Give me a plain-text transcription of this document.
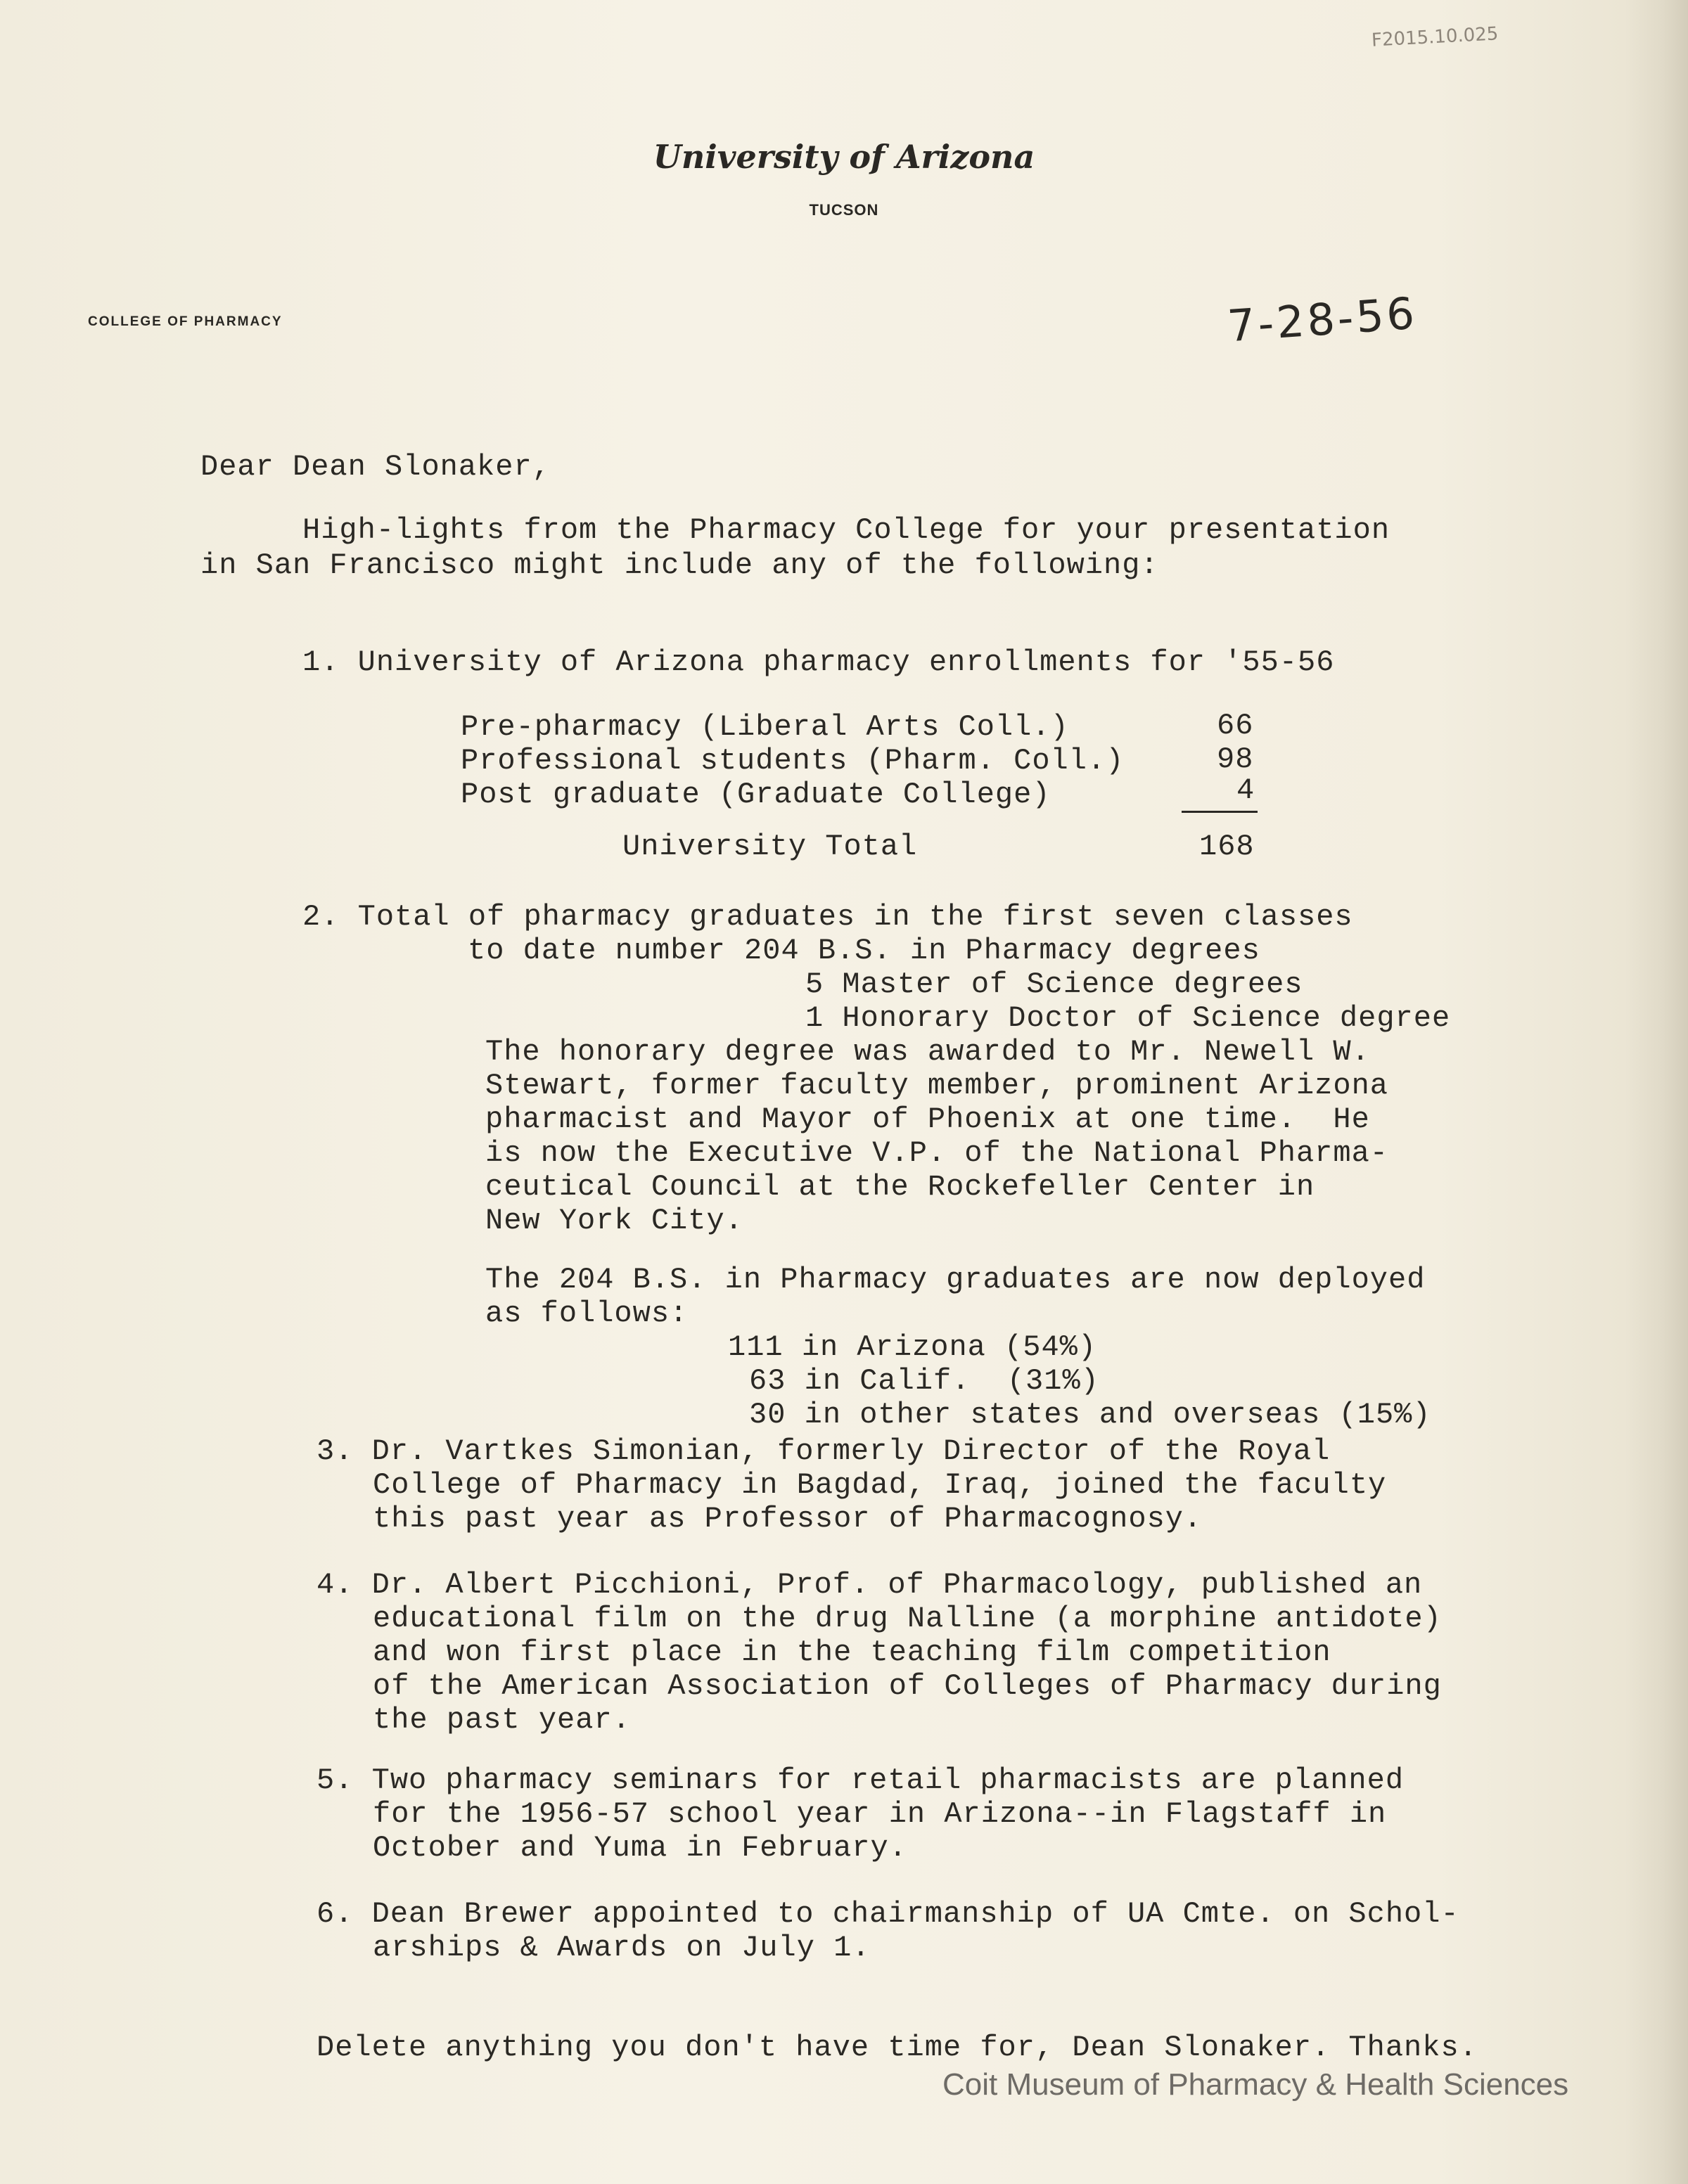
F2015.10.025
University of Arizona
TUCSON
COLLEGE OF PHARMACY	7-28-56
Dear Dean Slonaker,
High-lights from the Pharmacy College for your presentation
in San Francisco might include any of the following:
1. University of Arizona pharmacy enrollments for '55-56
Pre-pharmacy (Liberal Arts Coll.)	66
Professional students (Pharm. Coll.)	98
Post graduate (Graduate College)	4
University Total	168
2. Total of pharmacy graduates in the first seven classes
to date number 204 B.S. in Pharmacy degrees
5 Master of Science degrees
1 Honorary Doctor of Science degree
The honorary degree was awarded to Mr. Newell W.
Stewart, former faculty member, prominent Arizona
pharmacist and Mayor of Phoenix at one time.  He
is now the Executive V.P. of the National Pharma-
ceutical Council at the Rockefeller Center in
New York City.
The 204 B.S. in Pharmacy graduates are now deployed
as follows:
111 in Arizona (54%)
63 in Calif.  (31%)
30 in other states and overseas (15%)
3. Dr. Vartkes Simonian, formerly Director of the Royal
College of Pharmacy in Bagdad, Iraq, joined the faculty
this past year as Professor of Pharmacognosy.
4. Dr. Albert Picchioni, Prof. of Pharmacology, published an
educational film on the drug Nalline (a morphine antidote)
and won first place in the teaching film competition
of the American Association of Colleges of Pharmacy during
the past year.
5. Two pharmacy seminars for retail pharmacists are planned
for the 1956-57 school year in Arizona--in Flagstaff in
October and Yuma in February.
6. Dean Brewer appointed to chairmanship of UA Cmte. on Schol-
arships & Awards on July 1.
Delete anything you don't have time for, Dean Slonaker. Thanks.
Coit Museum of Pharmacy & Health Sciences
